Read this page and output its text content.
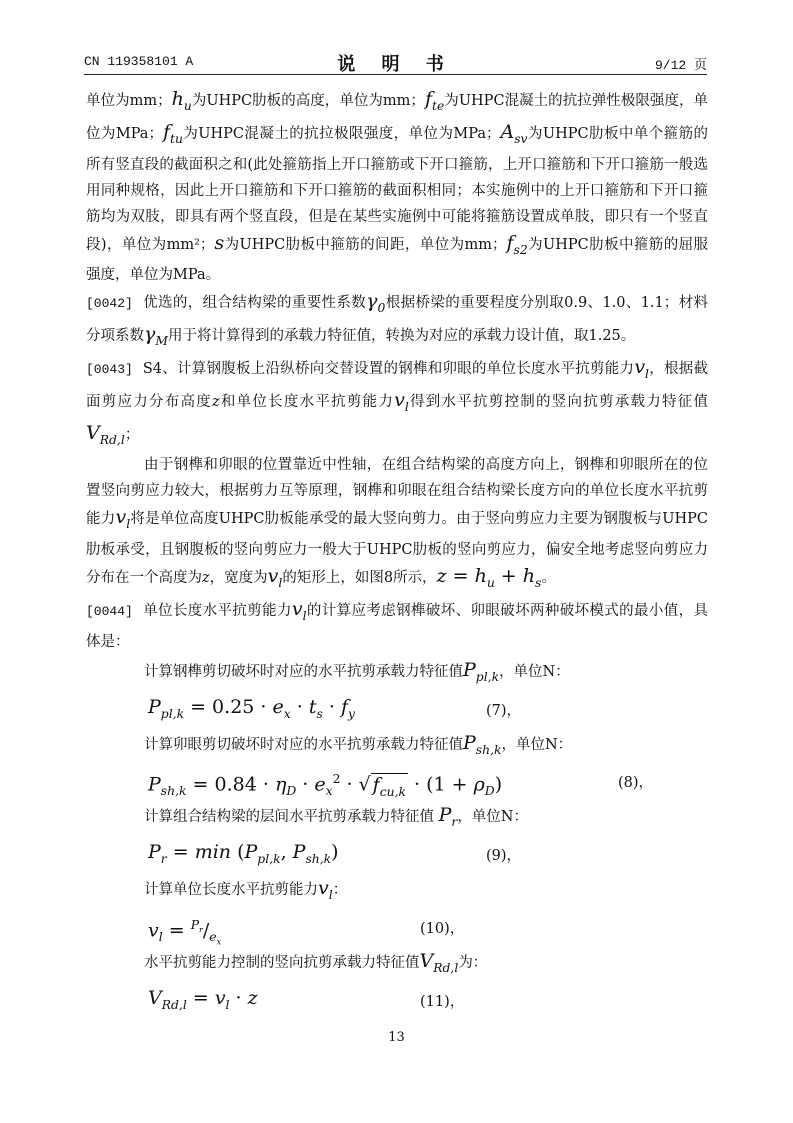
CN 119358101 A	说 明 书	9/12 页

单位为mm；$h_u$为UHPC肋板的高度，单位为mm；$f_{te}$为UHPC混凝土的抗拉弹性极限强度，单位为MPa；$f_{tu}$为UHPC混凝土的抗拉极限强度，单位为MPa；$A_{sv}$为UHPC肋板中单个箍筋的所有竖直段的截面积之和(此处箍筋指上开口箍筋或下开口箍筋，上开口箍筋和下开口箍筋一般选用同种规格，因此上开口箍筋和下开口箍筋的截面积相同；本实施例中的上开口箍筋和下开口箍筋均为双肢，即具有两个竖直段，但是在某些实施例中可能将箍筋设置成单肢，即只有一个竖直段)，单位为mm²；s为UHPC肋板中箍筋的间距，单位为mm；$f_{s2}$为UHPC肋板中箍筋的屈服强度，单位为MPa。

[0042] 优选的，组合结构梁的重要性系数$\gamma_0$根据桥梁的重要程度分别取0.9、1.0、1.1；材料分项系数$\gamma_M$用于将计算得到的承载力特征值，转换为对应的承载力设计值，取1.25。

[0043] S4、计算钢腹板上沿纵桥向交替设置的钢榫和卯眼的单位长度水平抗剪能力$v_l$，根据截面剪应力分布高度z和单位长度水平抗剪能力$v_l$得到水平抗剪控制的竖向抗剪承载力特征值$V_{Rd,l}$；

由于钢榫和卯眼的位置靠近中性轴，在组合结构梁的高度方向上，钢榫和卯眼所在的位置竖向剪应力较大，根据剪力互等原理，钢榫和卯眼在组合结构梁长度方向的单位长度水平抗剪能力$v_l$将是单位高度UHPC肋板能承受的最大竖向剪力。由于竖向剪应力主要为钢腹板与UHPC肋板承受，且钢腹板的竖向剪应力一般大于UHPC肋板的竖向剪应力，偏安全地考虑竖向剪应力分布在一个高度为z，宽度为$v_l$的矩形上，如图8所示，$z = h_u + h_s$。

[0044] 单位长度水平抗剪能力$v_l$的计算应考虑钢榫破坏、卯眼破坏两种破坏模式的最小值，具体是：

计算钢榫剪切破坏时对应的水平抗剪承载力特征值$P_{pl,k}$，单位N：

$P_{pl,k} = 0.25 \cdot e_x \cdot t_s \cdot f_y$	(7)，

计算卯眼剪切破坏时对应的水平抗剪承载力特征值$P_{sh,k}$，单位N：

$P_{sh,k} = 0.84 \cdot \eta_D \cdot e_x^2$ · √ $f_{cu,k} \cdot (1 + \rho_D)$	(8)，

计算组合结构梁的层间水平抗剪承载力特征值 $P_r$，单位N：

$P_r = \min (P_{pl,k}$, $P_{sh,k}$)	(9)，

计算单位长度水平抗剪能力$v_l$：

$v_l = ^{P_r}/_{e_x}$
(10)，

水平抗剪能力控制的竖向抗剪承载力特征值$V_{Rd,l}$为：

$V_{Rd,l} = v_l \cdot z$	(11)，
13
